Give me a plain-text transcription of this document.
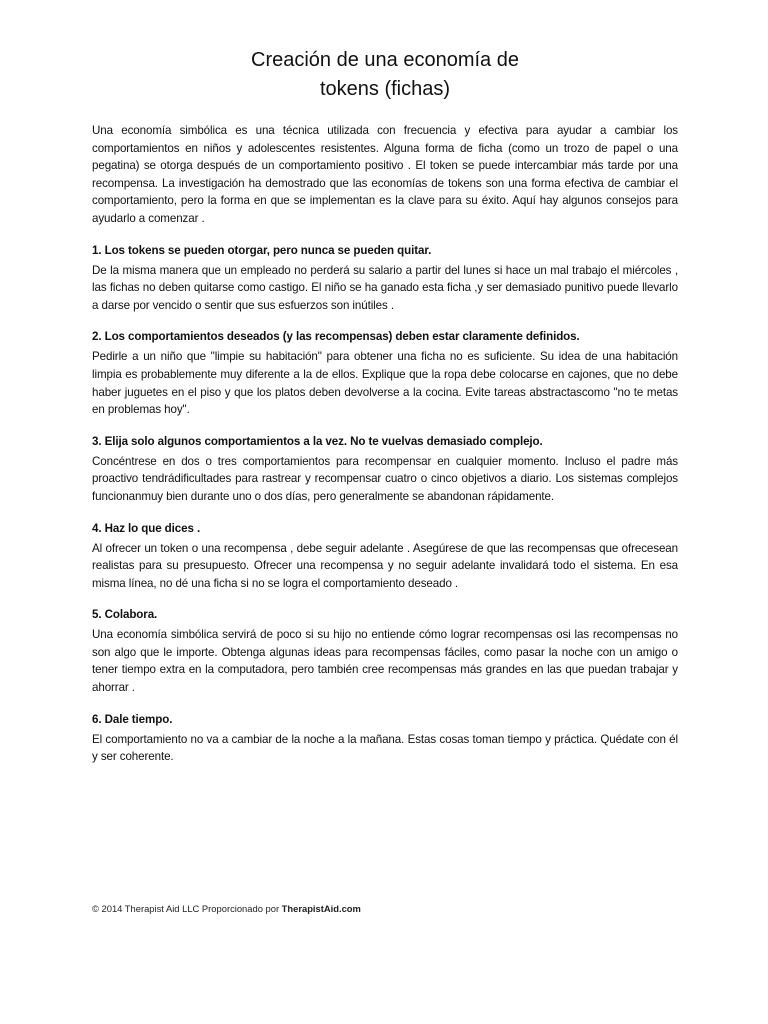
Creación de una economía de
tokens (fichas)

Una economía simbólica es una técnica utilizada con frecuencia y efectiva para ayudar a cambiar los comportamientos en niños y adolescentes resistentes. Alguna forma de ficha (como un trozo de papel o una pegatina) se otorga después de un comportamiento positivo . El token se puede intercambiar más tarde por una recompensa. La investigación ha demostrado que las economías de tokens son una forma efectiva de cambiar el comportamiento, pero la forma en que se implementan es la clave para su éxito. Aquí hay algunos consejos para ayudarlo a comenzar .

1. Los tokens se pueden otorgar, pero nunca se pueden quitar.

De la misma manera que un empleado no perderá su salario a partir del lunes si hace un mal trabajo el miércoles , las fichas no deben quitarse como castigo. El niño se ha ganado esta ficha ,y ser demasiado punitivo puede llevarlo a darse por vencido o sentir que sus esfuerzos son inútiles .

2. Los comportamientos deseados (y las recompensas) deben estar claramente definidos.

Pedirle a un niño que "limpie su habitación" para obtener una ficha no es suficiente. Su idea de una habitación limpia es probablemente muy diferente a la de ellos. Explique que la ropa debe colocarse en cajones, que no debe haber juguetes en el piso y que los platos deben devolverse a la cocina. Evite tareas abstractascomo "no te metas en problemas hoy".

3. Elija solo algunos comportamientos a la vez. No te vuelvas demasiado complejo.

Concéntrese en dos o tres comportamientos para recompensar en cualquier momento. Incluso el padre más proactivo tendrádificultades para rastrear y recompensar cuatro o cinco objetivos a diario. Los sistemas complejos funcionanmuy bien durante uno o dos días, pero generalmente se abandonan rápidamente.

4. Haz lo que dices .

Al ofrecer un token o una recompensa , debe seguir adelante . Asegúrese de que las recompensas que ofrecesean realistas para su presupuesto. Ofrecer una recompensa y no seguir adelante invalidará todo el sistema. En esa misma línea, no dé una ficha si no se logra el comportamiento deseado .

5. Colabora.

Una economía simbólica servirá de poco si su hijo no entiende cómo lograr recompensas osi las recompensas no son algo que le importe. Obtenga algunas ideas para recompensas fáciles, como pasar la noche con un amigo o tener tiempo extra en la computadora, pero también cree recompensas más grandes en las que puedan trabajar y ahorrar .

6. Dale tiempo.

El comportamiento no va a cambiar de la noche a la mañana. Estas cosas toman tiempo y práctica. Quédate con él y ser coherente.

© 2014 Therapist Aid LLC Proporcionado por TherapistAid.com
